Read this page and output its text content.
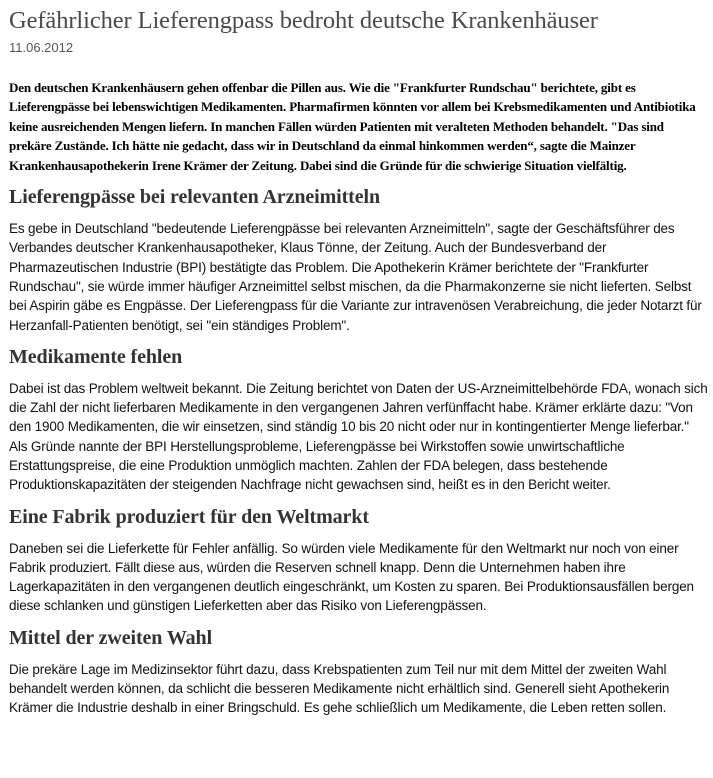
Gefährlicher Lieferengpass bedroht deutsche Krankenhäuser
11.06.2012

Den deutschen Krankenhäusern gehen offenbar die Pillen aus. Wie die "Frankfurter Rundschau" berichtete, gibt es Lieferengpässe bei lebenswichtigen Medikamenten. Pharmafirmen könnten vor allem bei Krebsmedikamenten und Antibiotika keine ausreichenden Mengen liefern. In manchen Fällen würden Patienten mit veralteten Methoden behandelt. "Das sind prekäre Zustände. Ich hätte nie gedacht, dass wir in Deutschland da einmal hinkommen werden“, sagte die Mainzer Krankenhausapothekerin Irene Krämer der Zeitung. Dabei sind die Gründe für die schwierige Situation vielfältig.

Lieferengpässe bei relevanten Arzneimitteln

Es gebe in Deutschland "bedeutende Lieferengpässe bei relevanten Arzneimitteln", sagte der Geschäftsführer des Verbandes deutscher Krankenhausapotheker, Klaus Tönne, der Zeitung. Auch der Bundesverband der Pharmazeutischen Industrie (BPI) bestätigte das Problem. Die Apothekerin Krämer berichtete der "Frankfurter Rundschau", sie würde immer häufiger Arzneimittel selbst mischen, da die Pharmakonzerne sie nicht lieferten. Selbst bei Aspirin gäbe es Engpässe. Der Lieferengpass für die Variante zur intravenösen Verabreichung, die jeder Notarzt für Herzanfall-Patienten benötigt, sei "ein ständiges Problem".

Medikamente fehlen

Dabei ist das Problem weltweit bekannt. Die Zeitung berichtet von Daten der US-Arzneimittelbehörde FDA, wonach sich die Zahl der nicht lieferbaren Medikamente in den vergangenen Jahren verfünffacht habe. Krämer erklärte dazu: "Von den 1900 Medikamenten, die wir einsetzen, sind ständig 10 bis 20 nicht oder nur in kontingentierter Menge lieferbar." Als Gründe nannte der BPI Herstellungsprobleme, Lieferengpässe bei Wirkstoffen sowie unwirtschaftliche Erstattungspreise, die eine Produktion unmöglich machten. Zahlen der FDA belegen, dass bestehende Produktionskapazitäten der steigenden Nachfrage nicht gewachsen sind, heißt es in den Bericht weiter.

Eine Fabrik produziert für den Weltmarkt

Daneben sei die Lieferkette für Fehler anfällig. So würden viele Medikamente für den Weltmarkt nur noch von einer Fabrik produziert. Fällt diese aus, würden die Reserven schnell knapp. Denn die Unternehmen haben ihre Lagerkapazitäten in den vergangenen deutlich eingeschränkt, um Kosten zu sparen. Bei Produktionsausfällen bergen diese schlanken und günstigen Lieferketten aber das Risiko von Lieferengpässen.

Mittel der zweiten Wahl

Die prekäre Lage im Medizinsektor führt dazu, dass Krebspatienten zum Teil nur mit dem Mittel der zweiten Wahl behandelt werden können, da schlicht die besseren Medikamente nicht erhältlich sind. Generell sieht Apothekerin Krämer die Industrie deshalb in einer Bringschuld. Es gehe schließlich um Medikamente, die Leben retten sollen.
